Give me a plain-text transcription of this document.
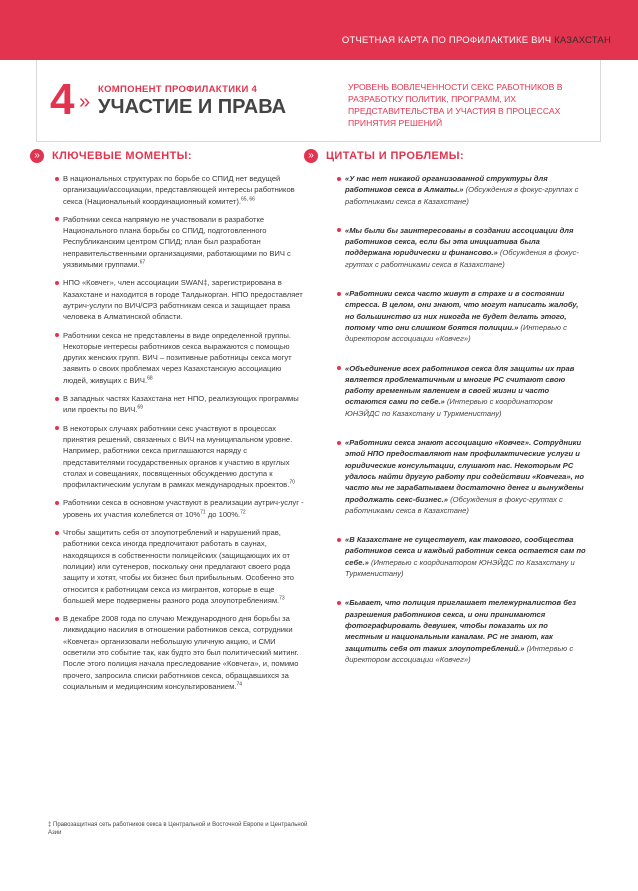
ОТЧЕТНАЯ КАРТА ПО ПРОФИЛАКТИКЕ ВИЧ КАЗАХСТАН
4 »
КОМПОНЕНТ ПРОФИЛАКТИКИ 4
УЧАСТИЕ И ПРАВА
УРОВЕНЬ ВОВЛЕЧЕННОСТИ СЕКС РАБОТНИКОВ В РАЗРАБОТКУ ПОЛИТИК, ПРОГРАММ, ИХ ПРЕДСТАВИТЕЛЬСТВА И УЧАСТИЯ В ПРОЦЕССАХ ПРИНЯТИЯ РЕШЕНИЙ
»	КЛЮЧЕВЫЕ МОМЕНТЫ:	»	ЦИТАТЫ И ПРОБЛЕМЫ:
В национальных структурах по борьбе со СПИД нет ведущей организации/ассоциации, представляющей интересы работников секса (Национальный координационный комитет).$^{65, 66}$
Работники секса напрямую не участвовали в разработке Национального плана борьбы со СПИД, подготовленного Республиканским центром СПИД; план был разработан неправительственными организациями, работающими по ВИЧ с уязвимыми группами.$^{67}$
НПО «Ковчег», член ассоциации SWAN‡, зарегистрирована в Казахстане и находится в городе Талдыкорган. НПО предоставляет аутрич-услуги по ВИЧ/СРЗ работникам секса и защищает права человека в Алматинской области.
Работники секса не представлены в виде определенной группы. Некоторые интересы работников секса выражаются с помощью других женских групп. ВИЧ – позитивные работницы секса могут заявить о своих проблемах через Казахстанскую ассоциацию людей, живущих с ВИЧ.$^{68}$
В западных частях Казахстана нет НПО, реализующих программы или проекты по ВИЧ.$^{69}$
В некоторых случаях работники секс участвуют в процессах принятия решений, связанных с ВИЧ на муниципальном уровне. Например, работники секса приглашаются наряду с представителями государственных органов к участию в круглых столах и совещаниях, посвященных обсуждению доступа к профилактическим услугам в рамках международных проектов.$^{70}$
Работники секса в основном участвуют в реализации аутрич-услуг - уровень их участия колеблется от 10%$^{71}$ до 100%.$^{72}$
Чтобы защитить себя от злоупотреблений и нарушений прав, работники секса иногда предпочитают работать в саунах, находящихся в собственности полицейских (защищающих их от полиции) или сутенеров, поскольку они предлагают своего рода защиту и хотят, чтобы их бизнес был прибыльным. Особенно это относится к работницам секса из мигрантов, которые в еще большей мере подвержены разного рода злоупотреблениям.$^{73}$
В декабре 2008 года по случаю Международного дня борьбы за ликвидацию насилия в отношении работников секса, сотрудники «Ковчега» организовали небольшую уличную акцию, и СМИ осветили это событие так, как будто это был политический митинг. После этого полиция начала преследование «Ковчега», и, помимо прочего, запросила списки работников секса, обращавшихся за социальным и медицинским консультированием.$^{74}$
«У нас нет никакой организованной структуры для работников секса в Алматы.» (Обсуждения в фокус-группах с работниками секса в Казахстане)
«Мы были бы заинтересованы в создании ассоциации для работников секса, если бы эта инициатива была поддержана юридически и финансово.» (Обсуждения в фокус-группах с работниками секса в Казахстане)
«Работники секса часто живут в страхе и в состоянии стресса. В целом, они знают, что могут написать жалобу, но большинство из них никогда не будет делать этого, потому что они слишком боятся полиции.» (Интервью с директором ассоциации «Ковчег»)
«Объединение всех работников секса для защиты их прав является проблематичным и многие РС считают свою работу временным явлением в своей жизни и часто остаются сами по себе.» (Интервью с координатором ЮНЭЙДС по Казахстану и Туркменистану)
«Работники секса знают ассоциацию «Ковчег». Сотрудники этой НПО предоставляют нам профилактические услуги и юридические консультации, слушают нас. Некоторым РС удалось найти другую работу при содействии «Ковчега», но часто мы не зарабатываем достаточно денег и вынуждены продолжать секс-бизнес.» (Обсуждения в фокус-группах с работниками секса в Казахстане)
«В Казахстане не существует, как такового, сообщества работников секса и каждый работник секса остается сам по себе.» (Интервью с координатором ЮНЭЙДС по Казахстану и Туркменистану)
«Бывает, что полиция приглашает тележурналистов без разрешения работников секса, и они принимаются фотографировать девушек, чтобы показать их по местным и национальным каналам. РС не знают, как защитить себя от таких злоупотреблений.» (Интервью с директором ассоциации «Ковчег»)
‡ Правозащитная сеть работников секса в Центральной и Восточной Европе и Центральной Азии
